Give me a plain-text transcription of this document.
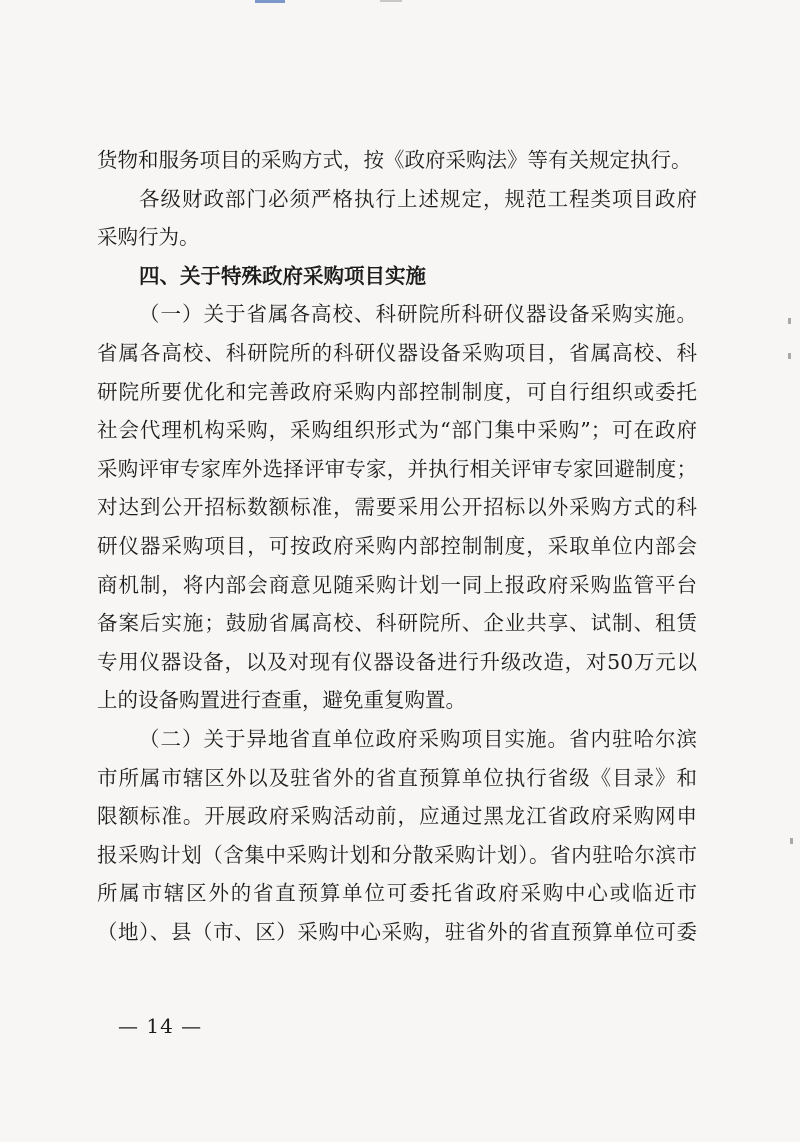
货物和服务项目的采购方式，按《政府采购法》等有关规定执行。

各级财政部门必须严格执行上述规定，规范工程类项目政府

采购行为。

四、关于特殊政府采购项目实施

（一）关于省属各高校、科研院所科研仪器设备采购实施。

省属各高校、科研院所的科研仪器设备采购项目，省属高校、科

研院所要优化和完善政府采购内部控制制度，可自行组织或委托

社会代理机构采购，采购组织形式为“部门集中采购”；可在政府

采购评审专家库外选择评审专家，并执行相关评审专家回避制度；

对达到公开招标数额标准，需要采用公开招标以外采购方式的科

研仪器采购项目，可按政府采购内部控制制度，采取单位内部会

商机制，将内部会商意见随采购计划一同上报政府采购监管平台

备案后实施；鼓励省属高校、科研院所、企业共享、试制、租赁

专用仪器设备，以及对现有仪器设备进行升级改造，对50万元以

上的设备购置进行查重，避免重复购置。

（二）关于异地省直单位政府采购项目实施。省内驻哈尔滨

市所属市辖区外以及驻省外的省直预算单位执行省级《目录》和

限额标准。开展政府采购活动前，应通过黑龙江省政府采购网申

报采购计划（含集中采购计划和分散采购计划）。省内驻哈尔滨市

所属市辖区外的省直预算单位可委托省政府采购中心或临近市

（地）、县（市、区）采购中心采购，驻省外的省直预算单位可委

— 14 —
